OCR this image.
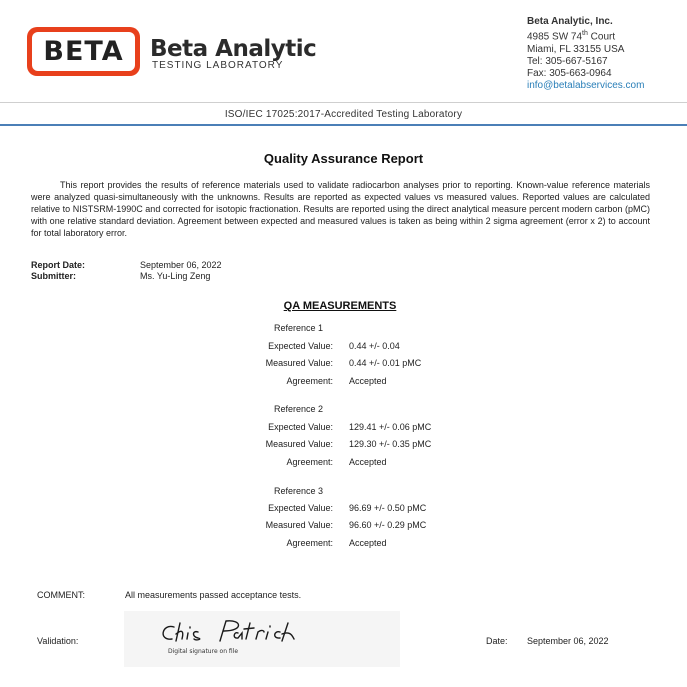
BETA Beta Analytic
TESTING LABORATORY
Beta Analytic, Inc.
4985 SW 74th Court
Miami, FL 33155 USA
Tel: 305-667-5167
Fax: 305-663-0964
info@betalabservices.com
ISO/IEC 17025:2017-Accredited Testing Laboratory
Quality Assurance Report

This report provides the results of reference materials used to validate radiocarbon analyses prior to reporting. Known-value reference materials were analyzed quasi-simultaneously with the unknowns. Results are reported as expected values vs measured values. Reported values are calculated relative to NISTSRM-1990C and corrected for isotopic fractionation. Results are reported using the direct analytical measure percent modern carbon (pMC) with one relative standard deviation. Agreement between expected and measured values is taken as being within 2 sigma agreement (error x 2) to account for total laboratory error.

Report Date:	September 06, 2022
Submitter:	Ms. Yu-Ling Zeng
QA MEASUREMENTS
Reference 1
Expected Value: 0.44 +/- 0.04
Measured Value: 0.44 +/- 0.01 pMC
Agreement: Accepted
Reference 2
Expected Value: 129.41 +/- 0.06 pMC
Measured Value: 129.30 +/- 0.35 pMC
Agreement: Accepted
Reference 3
Expected Value: 96.69 +/- 0.50 pMC
Measured Value: 96.60 +/- 0.29 pMC
Agreement: Accepted
COMMENT:	All measurements passed acceptance tests.
Validation:
Digital signature on file
Date: September 06, 2022
